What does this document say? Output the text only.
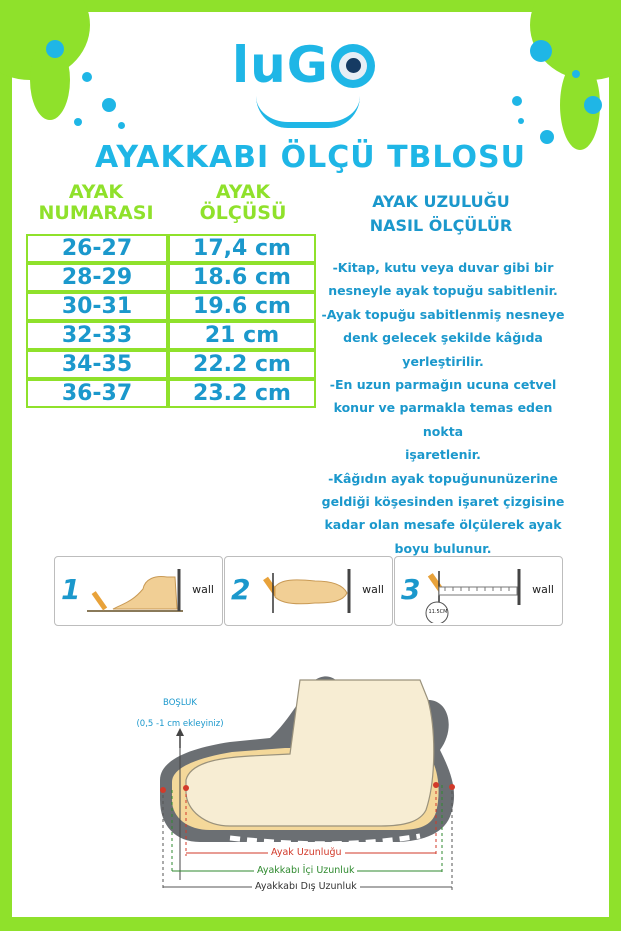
luG
AYAKKABI ÖLÇÜ TBLOSU
AYAK
NUMARASI
AYAK
ÖLÇÜSÜ
26-27	17,4 cm
28-29	18.6 cm
30-31	19.6 cm
32-33	21 cm
34-35	22.2 cm
36-37	23.2 cm
AYAK UZULUĞU
NASIL ÖLÇÜLÜR
-Kitap, kutu veya duvar gibi bir
nesneyle ayak topuğu sabitlenir.
-Ayak topuğu sabitlenmiş nesneye
denk gelecek şekilde kâğıda
yerleştirilir.
-En uzun parmağın ucuna cetvel
konur ve parmakla temas eden nokta
işaretlenir.
-Kâğıdın ayak topuğununüzerine
geldiği köşesinden işaret çizgisine
kadar olan mesafe ölçülerek ayak
boyu bulunur.
1	wall 2	wall 3
11.5CM
wall
BOŞLUK
(0,5 -1 cm ekleyiniz)
Ayak Uzunluğu
Ayakkabı İçi Uzunluk
Ayakkabı Dış Uzunluk
